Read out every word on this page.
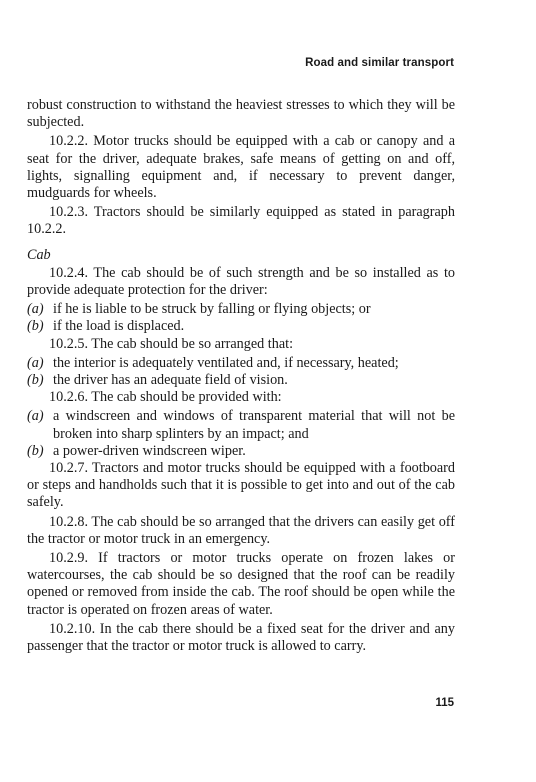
Road and similar transport

robust construction to withstand the heaviest stresses to which they will be subjected.

10.2.2. Motor trucks should be equipped with a cab or canopy and a seat for the driver, adequate brakes, safe means of getting on and off, lights, signalling equipment and, if necessary to prevent danger, mudguards for wheels.

10.2.3. Tractors should be similarly equipped as stated in paragraph 10.2.2.

Cab

10.2.4. The cab should be of such strength and be so installed as to provide adequate protection for the driver:

(a) if he is liable to be struck by falling or flying objects; or

(b) if the load is displaced.

10.2.5. The cab should be so arranged that:

(a) the interior is adequately ventilated and, if necessary, heated;

(b) the driver has an adequate field of vision.

10.2.6. The cab should be provided with:

(a) a windscreen and windows of transparent material that will not be broken into sharp splinters by an impact; and

(b) a power-driven windscreen wiper.

10.2.7. Tractors and motor trucks should be equipped with a footboard or steps and handholds such that it is possible to get into and out of the cab safely.

10.2.8. The cab should be so arranged that the drivers can easily get off the tractor or motor truck in an emergency.

10.2.9. If tractors or motor trucks operate on frozen lakes or watercourses, the cab should be so designed that the roof can be readily opened or removed from inside the cab. The roof should be open while the tractor is operated on frozen areas of water.

10.2.10. In the cab there should be a fixed seat for the driver and any passenger that the tractor or motor truck is allowed to carry.

115
